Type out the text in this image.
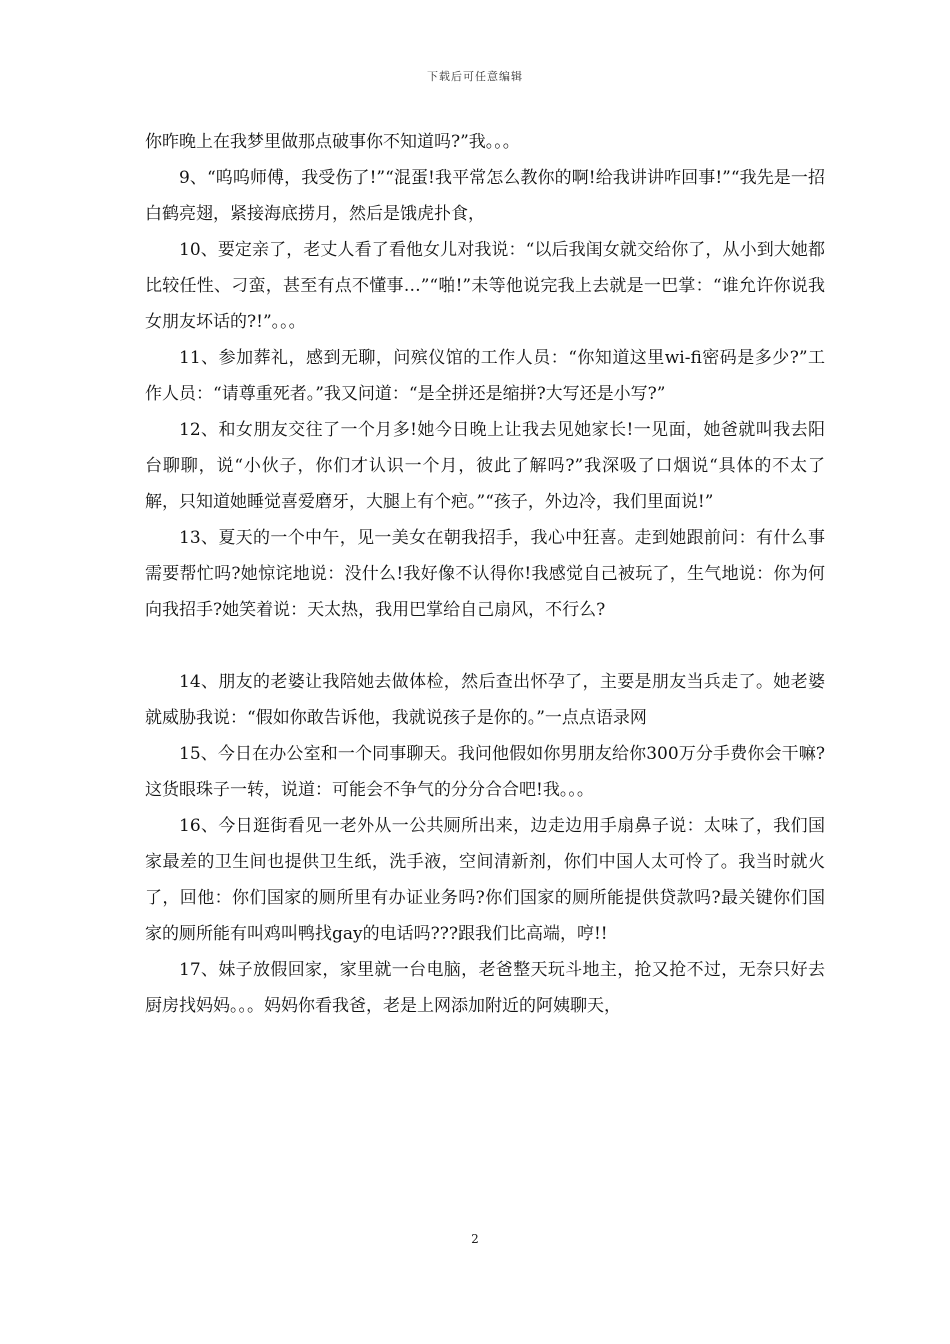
下载后可任意编辑

你昨晚上在我梦里做那点破事你不知道吗?”我。。。

9、“呜呜师傅，我受伤了!”“混蛋!我平常怎么教你的啊!给我讲讲咋回事!”“我先是一招白鹤亮翅，紧接海底捞月，然后是饿虎扑食，

10、要定亲了，老丈人看了看他女儿对我说：“以后我闺女就交给你了，从小到大她都比较任性、刁蛮，甚至有点不懂事…”“啪!”未等他说完我上去就是一巴掌：“谁允许你说我女朋友坏话的?!”。。。

11、参加葬礼，感到无聊，问殡仪馆的工作人员：“你知道这里wi-fi密码是多少?”工作人员：“请尊重死者。”我又问道：“是全拼还是缩拼?大写还是小写?”

12、和女朋友交往了一个月多!她今日晚上让我去见她家长!一见面，她爸就叫我去阳台聊聊，说“小伙子，你们才认识一个月，彼此了解吗?”我深吸了口烟说“具体的不太了解，只知道她睡觉喜爱磨牙，大腿上有个疤。”“孩子，外边冷，我们里面说!”

13、夏天的一个中午，见一美女在朝我招手，我心中狂喜。走到她跟前问：有什么事需要帮忙吗?她惊诧地说：没什么!我好像不认得你!我感觉自己被玩了，生气地说：你为何向我招手?她笑着说：天太热，我用巴掌给自己扇风，不行么?

14、朋友的老婆让我陪她去做体检，然后查出怀孕了，主要是朋友当兵走了。她老婆就威胁我说：“假如你敢告诉他，我就说孩子是你的。”一点点语录网

15、今日在办公室和一个同事聊天。我问他假如你男朋友给你300万分手费你会干嘛?这货眼珠子一转，说道：可能会不争气的分分合合吧!我。。。

16、今日逛街看见一老外从一公共厕所出来，边走边用手扇鼻子说：太味了，我们国家最差的卫生间也提供卫生纸，洗手液，空间清新剂，你们中国人太可怜了。我当时就火了，回他：你们国家的厕所里有办证业务吗?你们国家的厕所能提供贷款吗?最关键你们国家的厕所能有叫鸡叫鸭找gay的电话吗???跟我们比高端，哼!!

17、妹子放假回家，家里就一台电脑，老爸整天玩斗地主，抢又抢不过，无奈只好去厨房找妈妈。。。妈妈你看我爸，老是上网添加附近的阿姨聊天，

2
